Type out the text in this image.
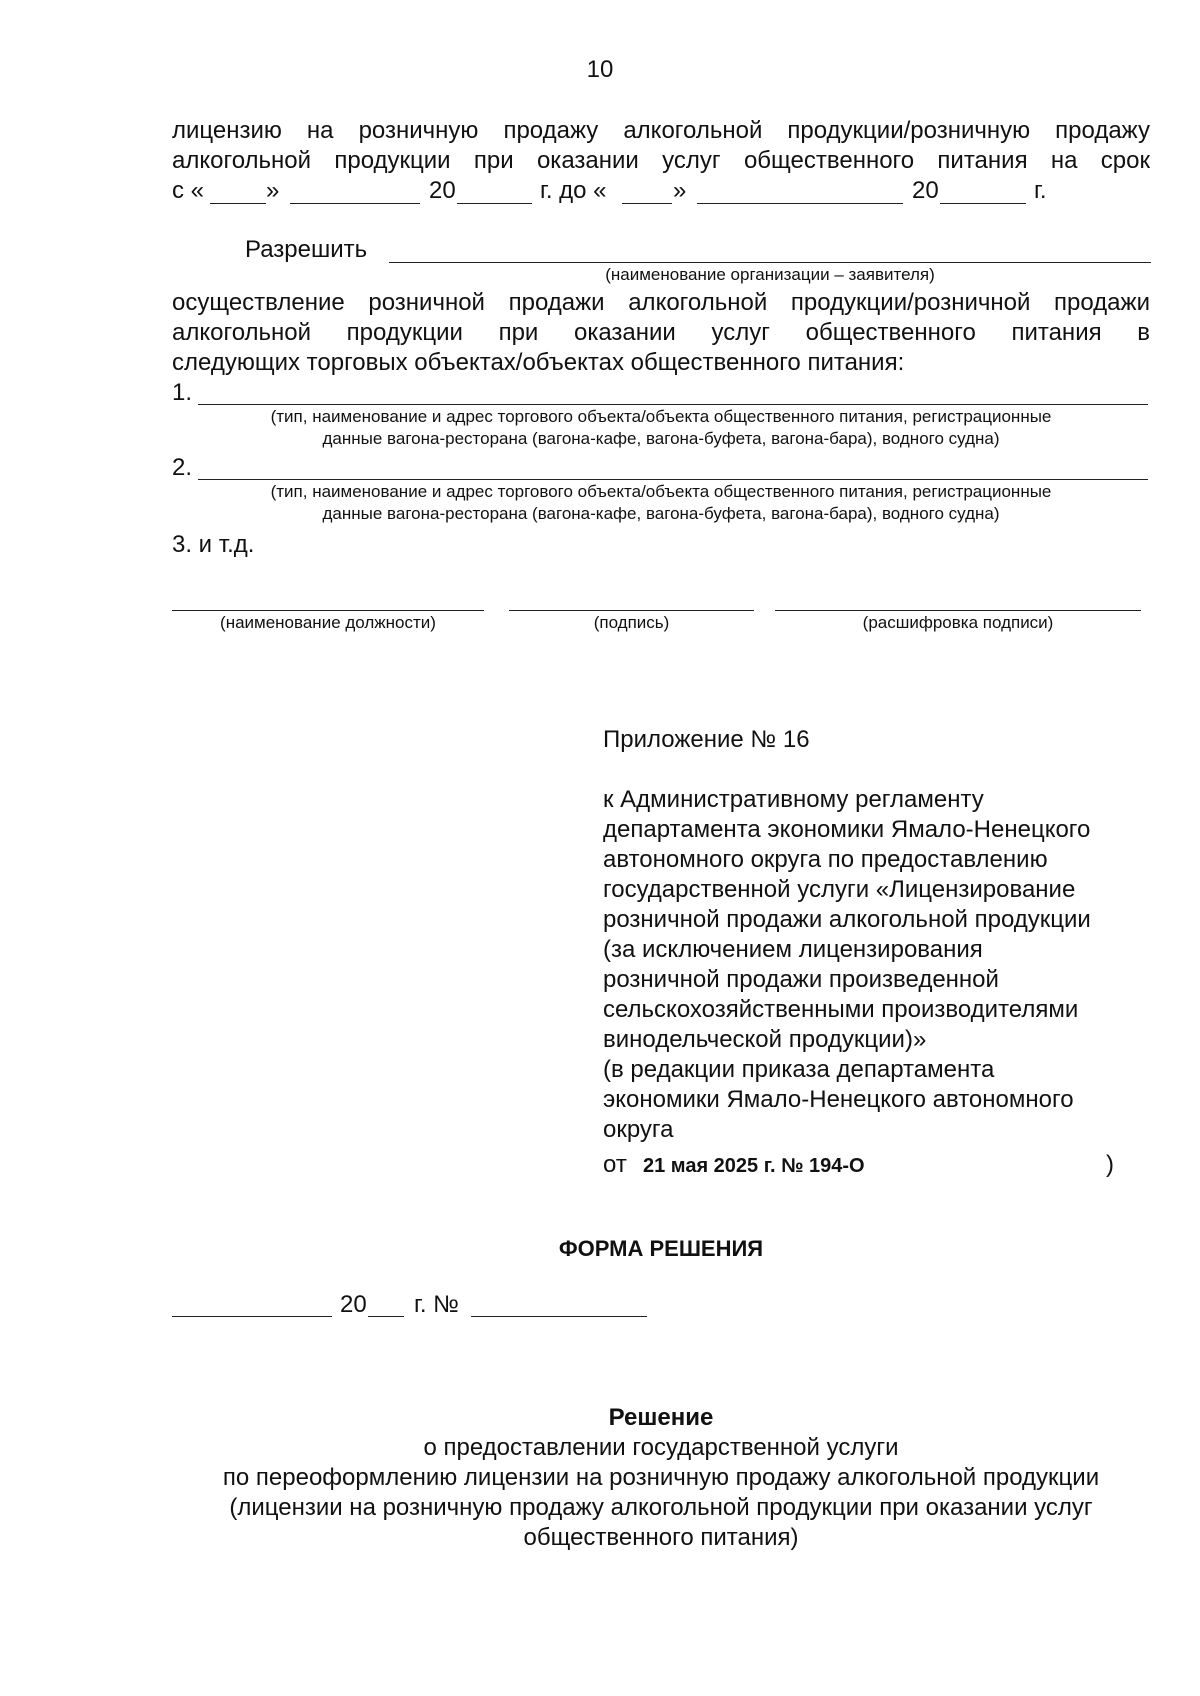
10
лицензию на розничную продажу алкогольной продукции/розничную продажу
алкогольной продукции при оказании услуг общественного питания на срок
с «	»	20	г. до «	»	20	г.
Разрешить
(наименование организации – заявителя)
осуществление розничной продажи алкогольной продукции/розничной продажи
алкогольной продукции при оказании услуг общественного питания в
следующих торговых объектах/объектах общественного питания:
1.
(тип, наименование и адрес торгового объекта/объекта общественного питания, регистрационные
данные вагона-ресторана (вагона-кафе, вагона-буфета, вагона-бара), водного судна)
2.
(тип, наименование и адрес торгового объекта/объекта общественного питания, регистрационные
данные вагона-ресторана (вагона-кафе, вагона-буфета, вагона-бара), водного судна)
3. и т.д.
(наименование должности)	(подпись)	(расшифровка подписи)
Приложение № 16
к Административному регламенту
департамента экономики Ямало-Ненецкого
автономного округа по предоставлению
государственной услуги «Лицензирование
розничной продажи алкогольной продукции
(за исключением лицензирования
розничной продажи произведенной
сельскохозяйственными производителями
винодельческой продукции)»
(в редакции приказа департамента
экономики Ямало-Ненецкого автономного
округа
от 21 мая 2025 г. № 194-О	)
ФОРМА РЕШЕНИЯ
20 г. №
Решение
о предоставлении государственной услуги
по переоформлению лицензии на розничную продажу алкогольной продукции
(лицензии на розничную продажу алкогольной продукции при оказании услуг
общественного питания)
